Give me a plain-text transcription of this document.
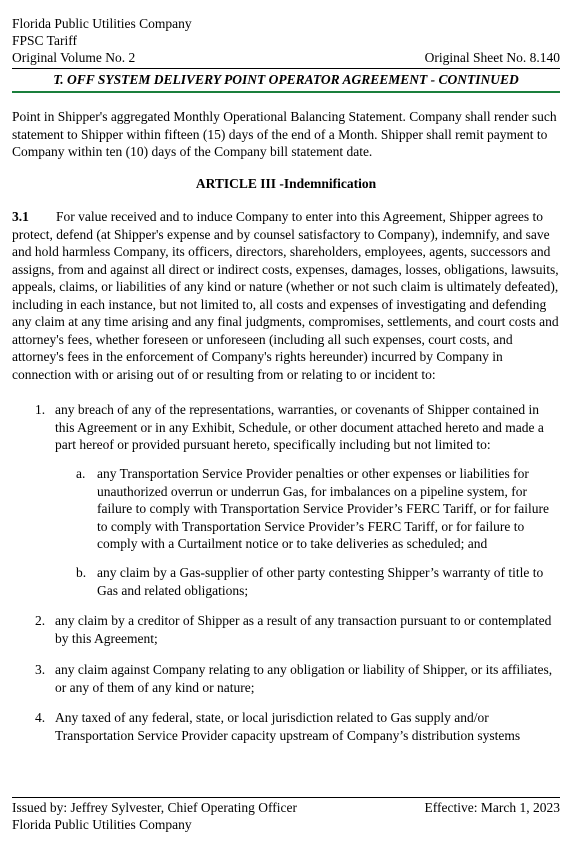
Florida Public Utilities Company
FPSC Tariff
Original Volume No. 2	Original Sheet No. 8.140
T. OFF SYSTEM DELIVERY POINT OPERATOR AGREEMENT - CONTINUED

Point in Shipper's aggregated Monthly Operational Balancing Statement. Company shall render such statement to Shipper within fifteen (15) days of the end of a Month. Shipper shall remit payment to Company within ten (10) days of the Company bill statement date.

ARTICLE III -Indemnification

3.1 For value received and to induce Company to enter into this Agreement, Shipper agrees to protect, defend (at Shipper's expense and by counsel satisfactory to Company), indemnify, and save and hold harmless Company, its officers, directors, shareholders, employees, agents, successors and assigns, from and against all direct or indirect costs, expenses, damages, losses, obligations, lawsuits, appeals, claims, or liabilities of any kind or nature (whether or not such claim is ultimately defeated), including in each instance, but not limited to, all costs and expenses of investigating and defending any claim at any time arising and any final judgments, compromises, settlements, and court costs and attorney's fees, whether foreseen or unforeseen (including all such expenses, court costs, and attorney's fees in the enforcement of Company's rights hereunder) incurred by Company in connection with or arising out of or resulting from or relating to or incident to:
1. any breach of any of the representations, warranties, or covenants of Shipper contained in this Agreement or in any Exhibit, Schedule, or other document attached hereto and made a part hereof or provided pursuant hereto, specifically including but not limited to:
a. any Transportation Service Provider penalties or other expenses or liabilities for unauthorized overrun or underrun Gas, for imbalances on a pipeline system, for failure to comply with Transportation Service Provider’s FERC Tariff, or for failure to comply with Transportation Service Provider’s FERC Tariff, or for failure to comply with a Curtailment notice or to take deliveries as scheduled; and
b. any claim by a Gas-supplier of other party contesting Shipper’s warranty of title to Gas and related obligations;
2. any claim by a creditor of Shipper as a result of any transaction pursuant to or contemplated by this Agreement;
3. any claim against Company relating to any obligation or liability of Shipper, or its affiliates, or any of them of any kind or nature;
4. Any taxed of any federal, state, or local jurisdiction related to Gas supply and/or Transportation Service Provider capacity upstream of Company’s distribution systems
Issued by: Jeffrey Sylvester, Chief Operating Officer	Effective: March 1, 2023
Florida Public Utilities Company
